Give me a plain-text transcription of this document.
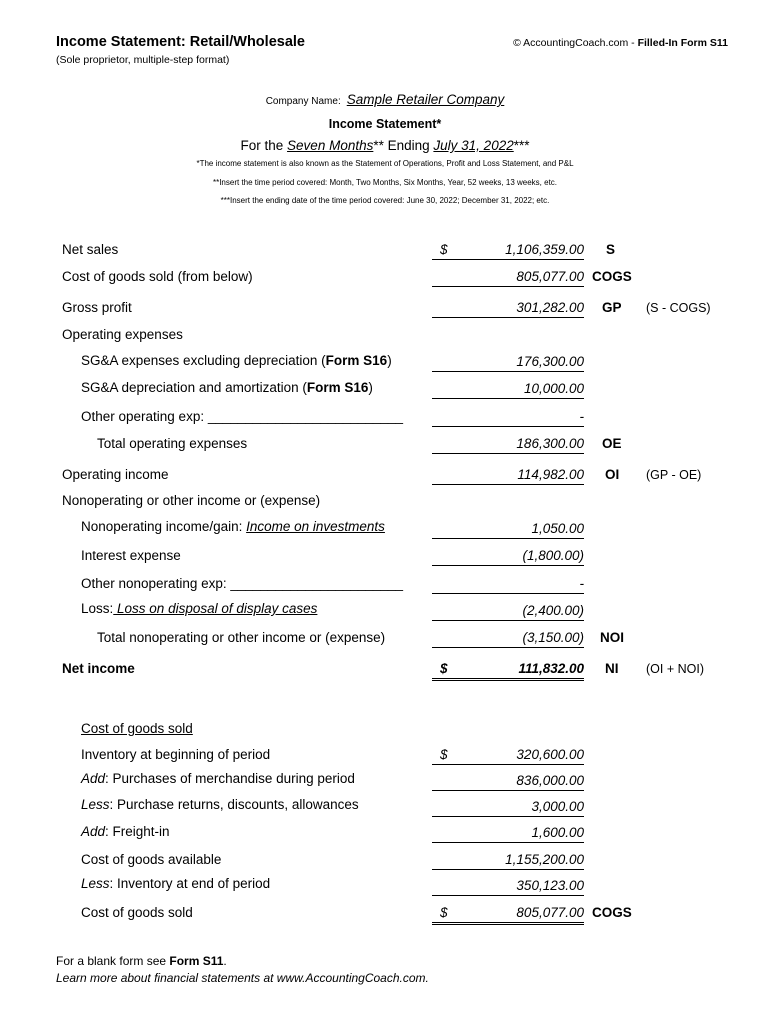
Income Statement: Retail/Wholesale
(Sole proprietor, multiple-step format)
© AccountingCoach.com - Filled-In Form S11
Company Name: Sample Retailer Company
Income Statement*
For the Seven Months** Ending July 31, 2022***
*The income statement is also known as the Statement of Operations, Profit and Loss Statement, and P&L
**Insert the time period covered: Month, Two Months, Six Months, Year, 52 weeks, 13 weeks, etc.
***Insert the ending date of the time period covered: June 30, 2022; December 31, 2022; etc.
Net sales	$	1,106,359.00 S
Cost of goods sold (from below)	805,077.00 COGS
Gross profit	301,282.00 GP (S - COGS)
Operating expenses
SG&A expenses excluding depreciation (Form S16)	176,300.00
SG&A depreciation and amortization (Form S16)	10,000.00
Other operating exp: __________________________	-
Total operating expenses	186,300.00 OE
Operating income	114,982.00 OI (GP - OE)
Nonoperating or other income or (expense)
Nonoperating income/gain: Income on investments	1,050.00
Interest expense	(1,800.00)
Other nonoperating exp: _______________________	-
Loss: Loss on disposal of display cases	(2,400.00)
Total nonoperating or other income or (expense)	(3,150.00) NOI
Net income	$	111,832.00 NI (OI + NOI)
Cost of goods sold
Inventory at beginning of period	$	320,600.00
Add: Purchases of merchandise during period	836,000.00
Less: Purchase returns, discounts, allowances	3,000.00
Add: Freight-in	1,600.00
Cost of goods available	1,155,200.00
Less: Inventory at end of period	350,123.00
Cost of goods sold	$	805,077.00 COGS
For a blank form see Form S11.
Learn more about financial statements at www.AccountingCoach.com.
